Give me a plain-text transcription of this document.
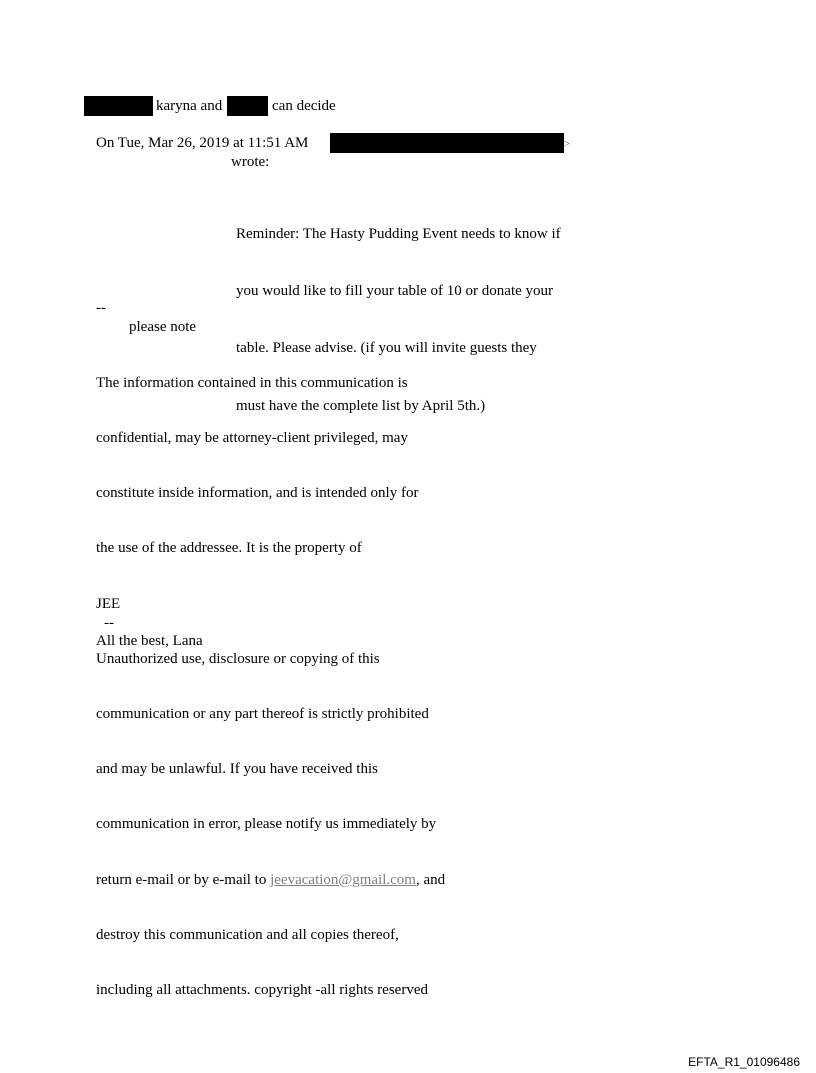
karyna and	can decide
On Tue, Mar 26, 2019 at 11:51 AM	>
wrote:

Reminder: The Hasty Pudding Event needs to know if

you would like to fill your table of 10 or donate your

table. Please advise. (if you will invite guests they

must have the complete list by April 5th.)

--
please note

The information contained in this communication is

confidential, may be attorney-client privileged, may

constitute inside information, and is intended only for

the use of the addressee. It is the property of

JEE

Unauthorized use, disclosure or copying of this

communication or any part thereof is strictly prohibited

and may be unlawful. If you have received this

communication in error, please notify us immediately by

return e-mail or by e-mail to jeevacation@gmail.com, and

destroy this communication and all copies thereof,

including all attachments. copyright -all rights reserved

--
All the best, Lana
EFTA_R1_01096486
